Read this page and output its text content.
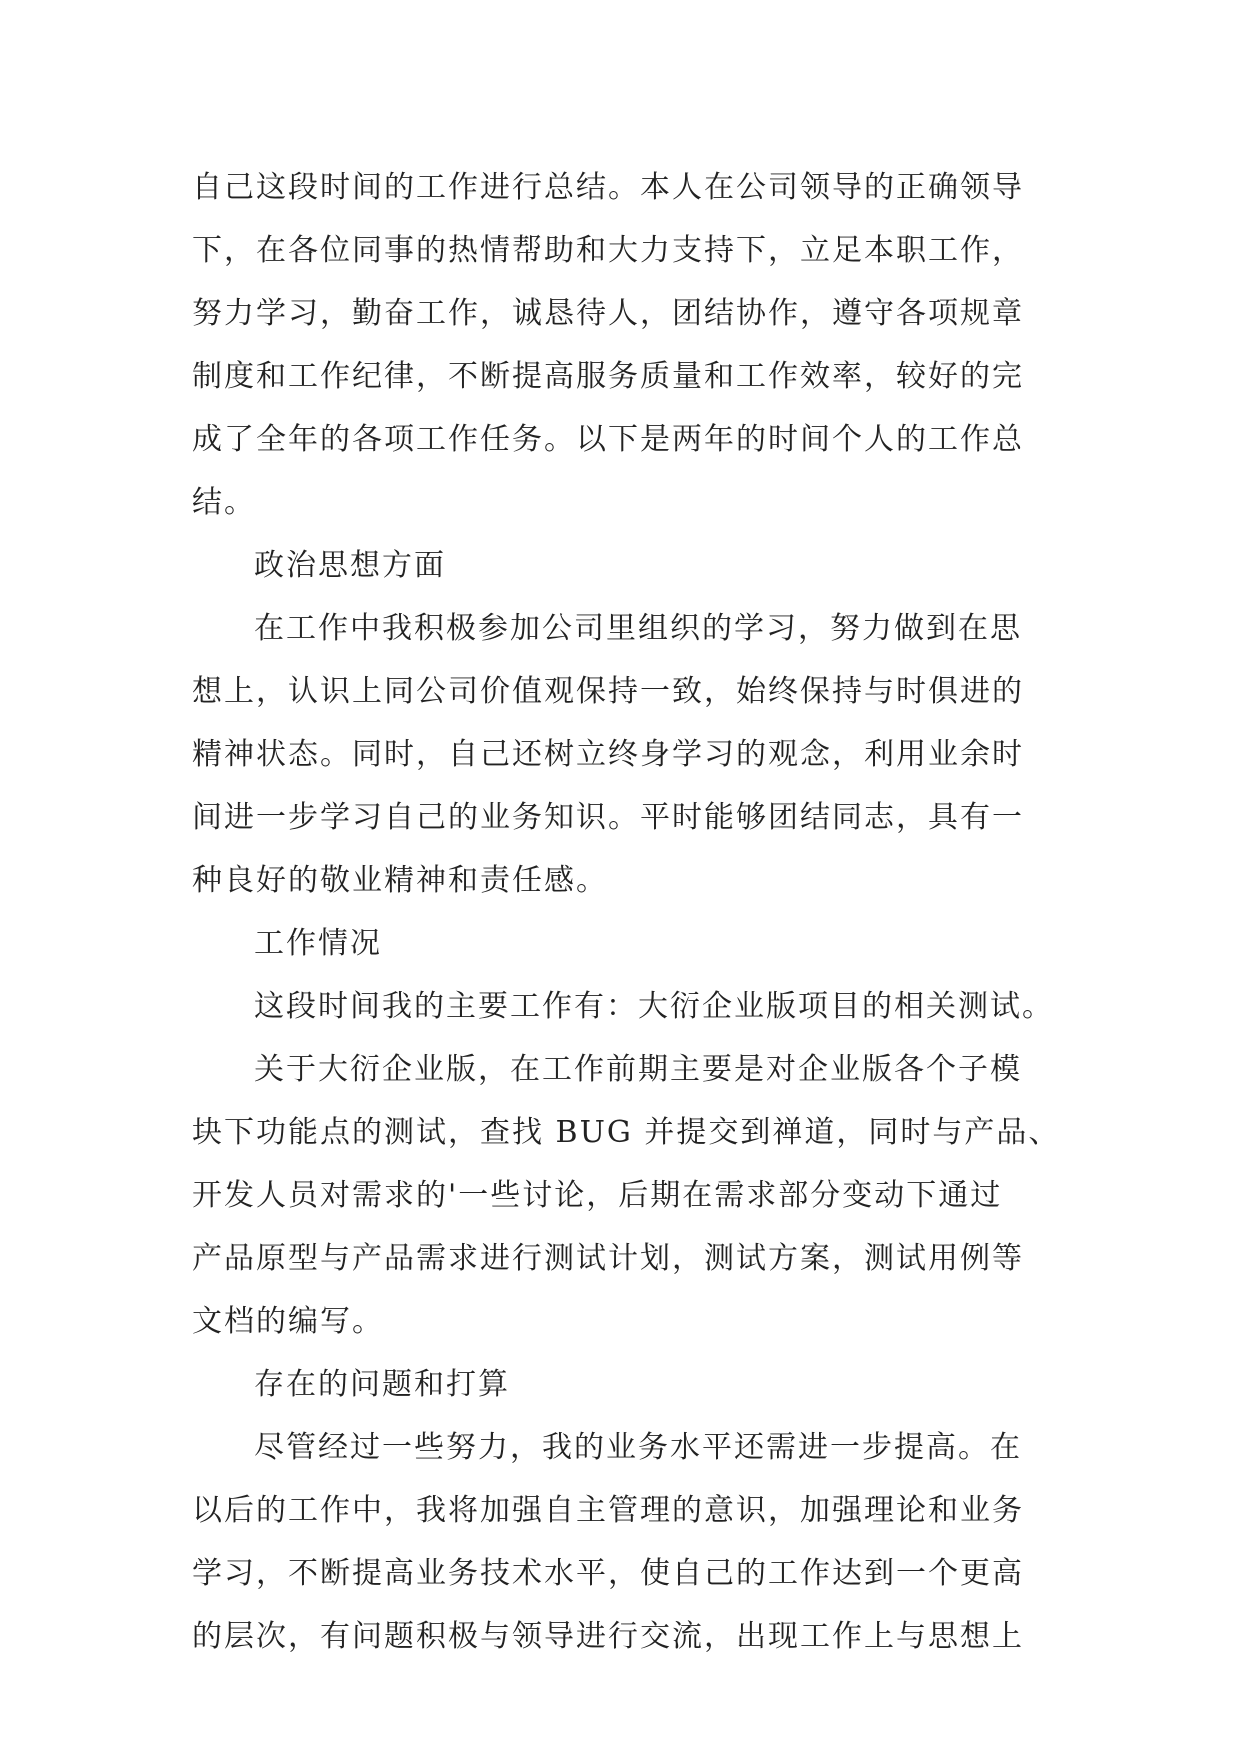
自己这段时间的工作进行总结。本人在公司领导的正确领导
下，在各位同事的热情帮助和大力支持下，立足本职工作，
努力学习，勤奋工作，诚恳待人，团结协作，遵守各项规章
制度和工作纪律，不断提高服务质量和工作效率，较好的完
成了全年的各项工作任务。以下是两年的时间个人的工作总
结。
政治思想方面
在工作中我积极参加公司里组织的学习，努力做到在思
想上，认识上同公司价值观保持一致，始终保持与时俱进的
精神状态。同时，自己还树立终身学习的观念，利用业余时
间进一步学习自己的业务知识。平时能够团结同志，具有一
种良好的敬业精神和责任感。
工作情况
这段时间我的主要工作有：大衍企业版项目的相关测试。
关于大衍企业版，在工作前期主要是对企业版各个子模
块下功能点的测试，查找 BUG 并提交到禅道，同时与产品、
开发人员对需求的'一些讨论，后期在需求部分变动下通过
产品原型与产品需求进行测试计划，测试方案，测试用例等
文档的编写。
存在的问题和打算
尽管经过一些努力，我的业务水平还需进一步提高。在
以后的工作中，我将加强自主管理的意识，加强理论和业务
学习，不断提高业务技术水平，使自己的工作达到一个更高
的层次，有问题积极与领导进行交流，出现工作上与思想上
